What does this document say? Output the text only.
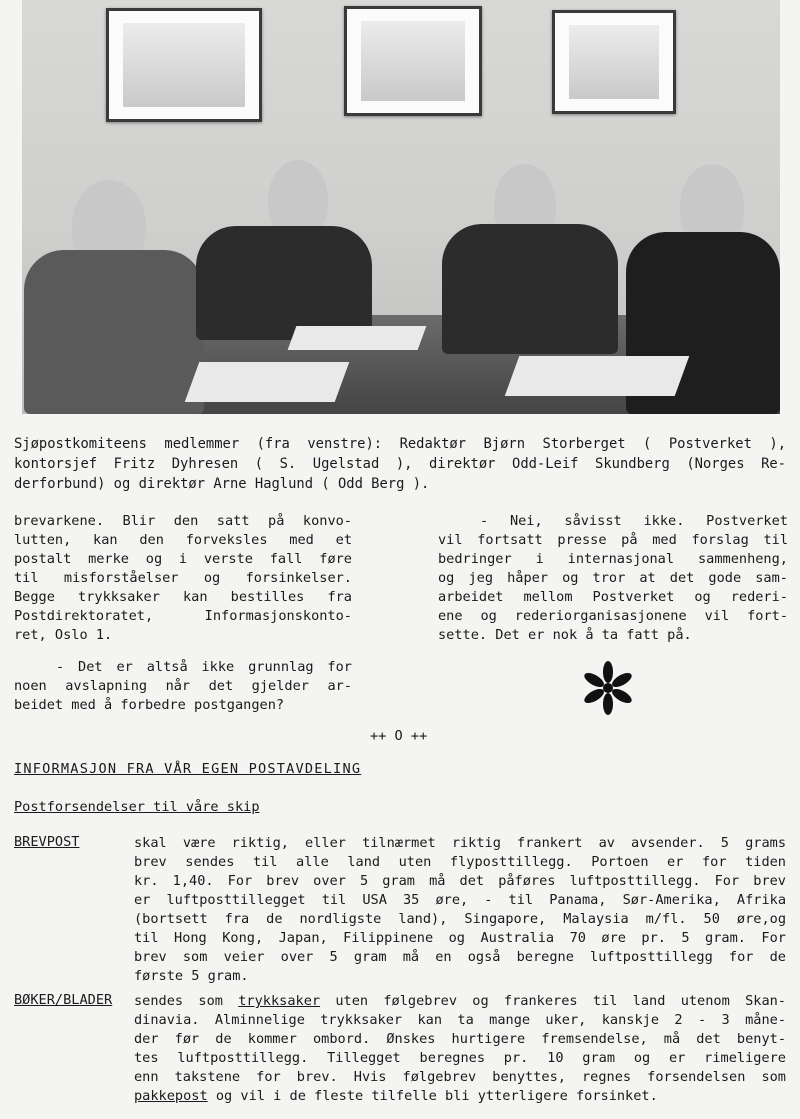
Sjøpostkomiteens medlemmer (fra venstre): Redaktør Bjørn Storberget ( Postverket ),
kontorsjef Fritz Dyhresen ( S. Ugelstad ), direktør Odd-Leif Skundberg (Norges Re-
derforbund) og direktør Arne Haglund ( Odd Berg ).
brevarkene. Blir den satt på konvo-
lutten, kan den forveksles med et
postalt merke og i verste fall føre
til misforståelser og forsinkelser.
Begge trykksaker kan bestilles fra
Postdirektoratet, Informasjonskonto-
ret, Oslo 1.
- Det er altså ikke grunnlag for
noen avslapning når det gjelder ar-
beidet med å forbedre postgangen?
- Nei, såvisst ikke. Postverket
vil fortsatt presse på med forslag til
bedringer i internasjonal sammenheng,
og jeg håper og tror at det gode sam-
arbeidet mellom Postverket og rederi-
ene og rederiorganisasjonene vil fort-
sette. Det er nok å ta fatt på.
++ O ++
INFORMASJON FRA VÅR EGEN POSTAVDELING
Postforsendelser til våre skip
BREVPOST	skal være riktig, eller tilnærmet riktig frankert av avsender. 5 grams
brev sendes til alle land uten flyposttillegg. Portoen er for tiden
kr. 1,40. For brev over 5 gram må det påføres luftposttillegg. For brev
er luftposttillegget til USA 35 øre, - til Panama, Sør-Amerika, Afrika
(bortsett fra de nordligste land), Singapore, Malaysia m/fl. 50 øre,og
til Hong Kong, Japan, Filippinene og Australia 70 øre pr. 5 gram. For
brev som veier over 5 gram må en også beregne luftposttillegg for de
første 5 gram.
BØKER/BLADER sendes som trykksaker uten følgebrev og frankeres til land utenom Skan-
dinavia. Alminnelige trykksaker kan ta mange uker, kanskje 2 - 3 måne-
der før de kommer ombord. Ønskes hurtigere fremsendelse, må det benyt-
tes luftposttillegg. Tillegget beregnes pr. 10 gram og er rimeligere
enn takstene for brev. Hvis følgebrev benyttes, regnes forsendelsen som
pakkepost og vil i de fleste tilfelle bli ytterligere forsinket.
